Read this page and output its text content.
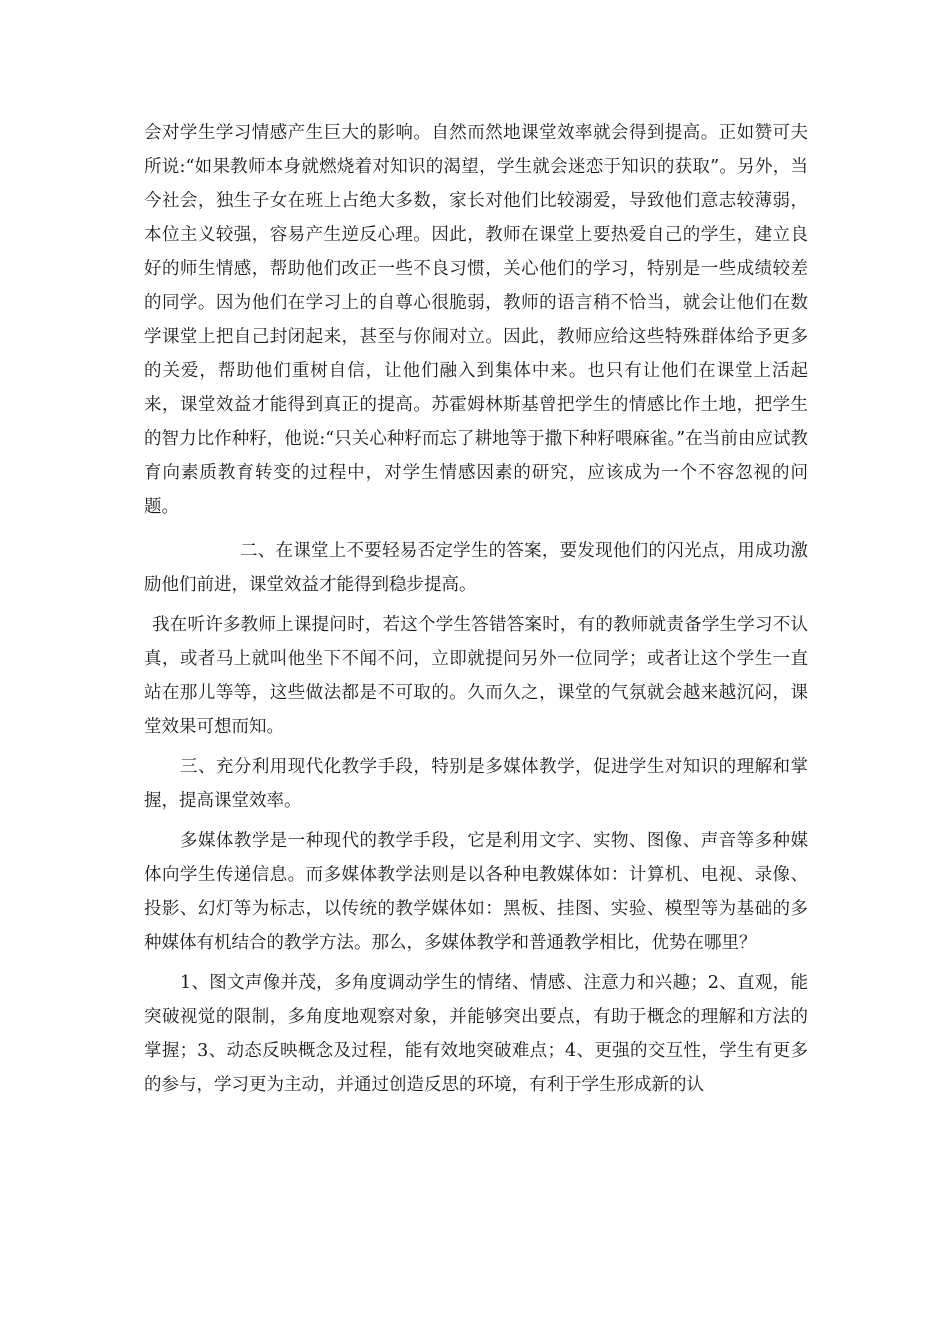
会对学生学习情感产生巨大的影响。自然而然地课堂效率就会得到提高。正如赞可夫所说:“如果教师本身就燃烧着对知识的渴望，学生就会迷恋于知识的获取”。另外，当今社会，独生子女在班上占绝大多数，家长对他们比较溺爱，导致他们意志较薄弱，本位主义较强，容易产生逆反心理。因此，教师在课堂上要热爱自己的学生，建立良好的师生情感，帮助他们改正一些不良习惯，关心他们的学习，特别是一些成绩较差的同学。因为他们在学习上的自尊心很脆弱，教师的语言稍不恰当，就会让他们在数学课堂上把自己封闭起来，甚至与你闹对立。因此，教师应给这些特殊群体给予更多的关爱，帮助他们重树自信，让他们融入到集体中来。也只有让他们在课堂上活起来，课堂效益才能得到真正的提高。苏霍姆林斯基曾把学生的情感比作土地，把学生的智力比作种籽，他说:“只关心种籽而忘了耕地等于撒下种籽喂麻雀。”在当前由应试教育向素质教育转变的过程中，对学生情感因素的研究，应该成为一个不容忽视的问题。

二、在课堂上不要轻易否定学生的答案，要发现他们的闪光点，用成功激励他们前进，课堂效益才能得到稳步提高。

我在听许多教师上课提问时，若这个学生答错答案时，有的教师就责备学生学习不认真，或者马上就叫他坐下不闻不问，立即就提问另外一位同学；或者让这个学生一直站在那儿等等，这些做法都是不可取的。久而久之，课堂的气氛就会越来越沉闷，课堂效果可想而知。

三、充分利用现代化教学手段，特别是多媒体教学，促进学生对知识的理解和掌握，提高课堂效率。

多媒体教学是一种现代的教学手段，它是利用文字、实物、图像、声音等多种媒体向学生传递信息。而多媒体教学法则是以各种电教媒体如：计算机、电视、录像、投影、幻灯等为标志，以传统的教学媒体如：黑板、挂图、实验、模型等为基础的多种媒体有机结合的教学方法。那么，多媒体教学和普通教学相比，优势在哪里？

1、图文声像并茂，多角度调动学生的情绪、情感、注意力和兴趣；2、直观，能突破视觉的限制，多角度地观察对象，并能够突出要点，有助于概念的理解和方法的掌握；3、动态反映概念及过程，能有效地突破难点；4、更强的交互性，学生有更多的参与，学习更为主动，并通过创造反思的环境，有利于学生形成新的认
